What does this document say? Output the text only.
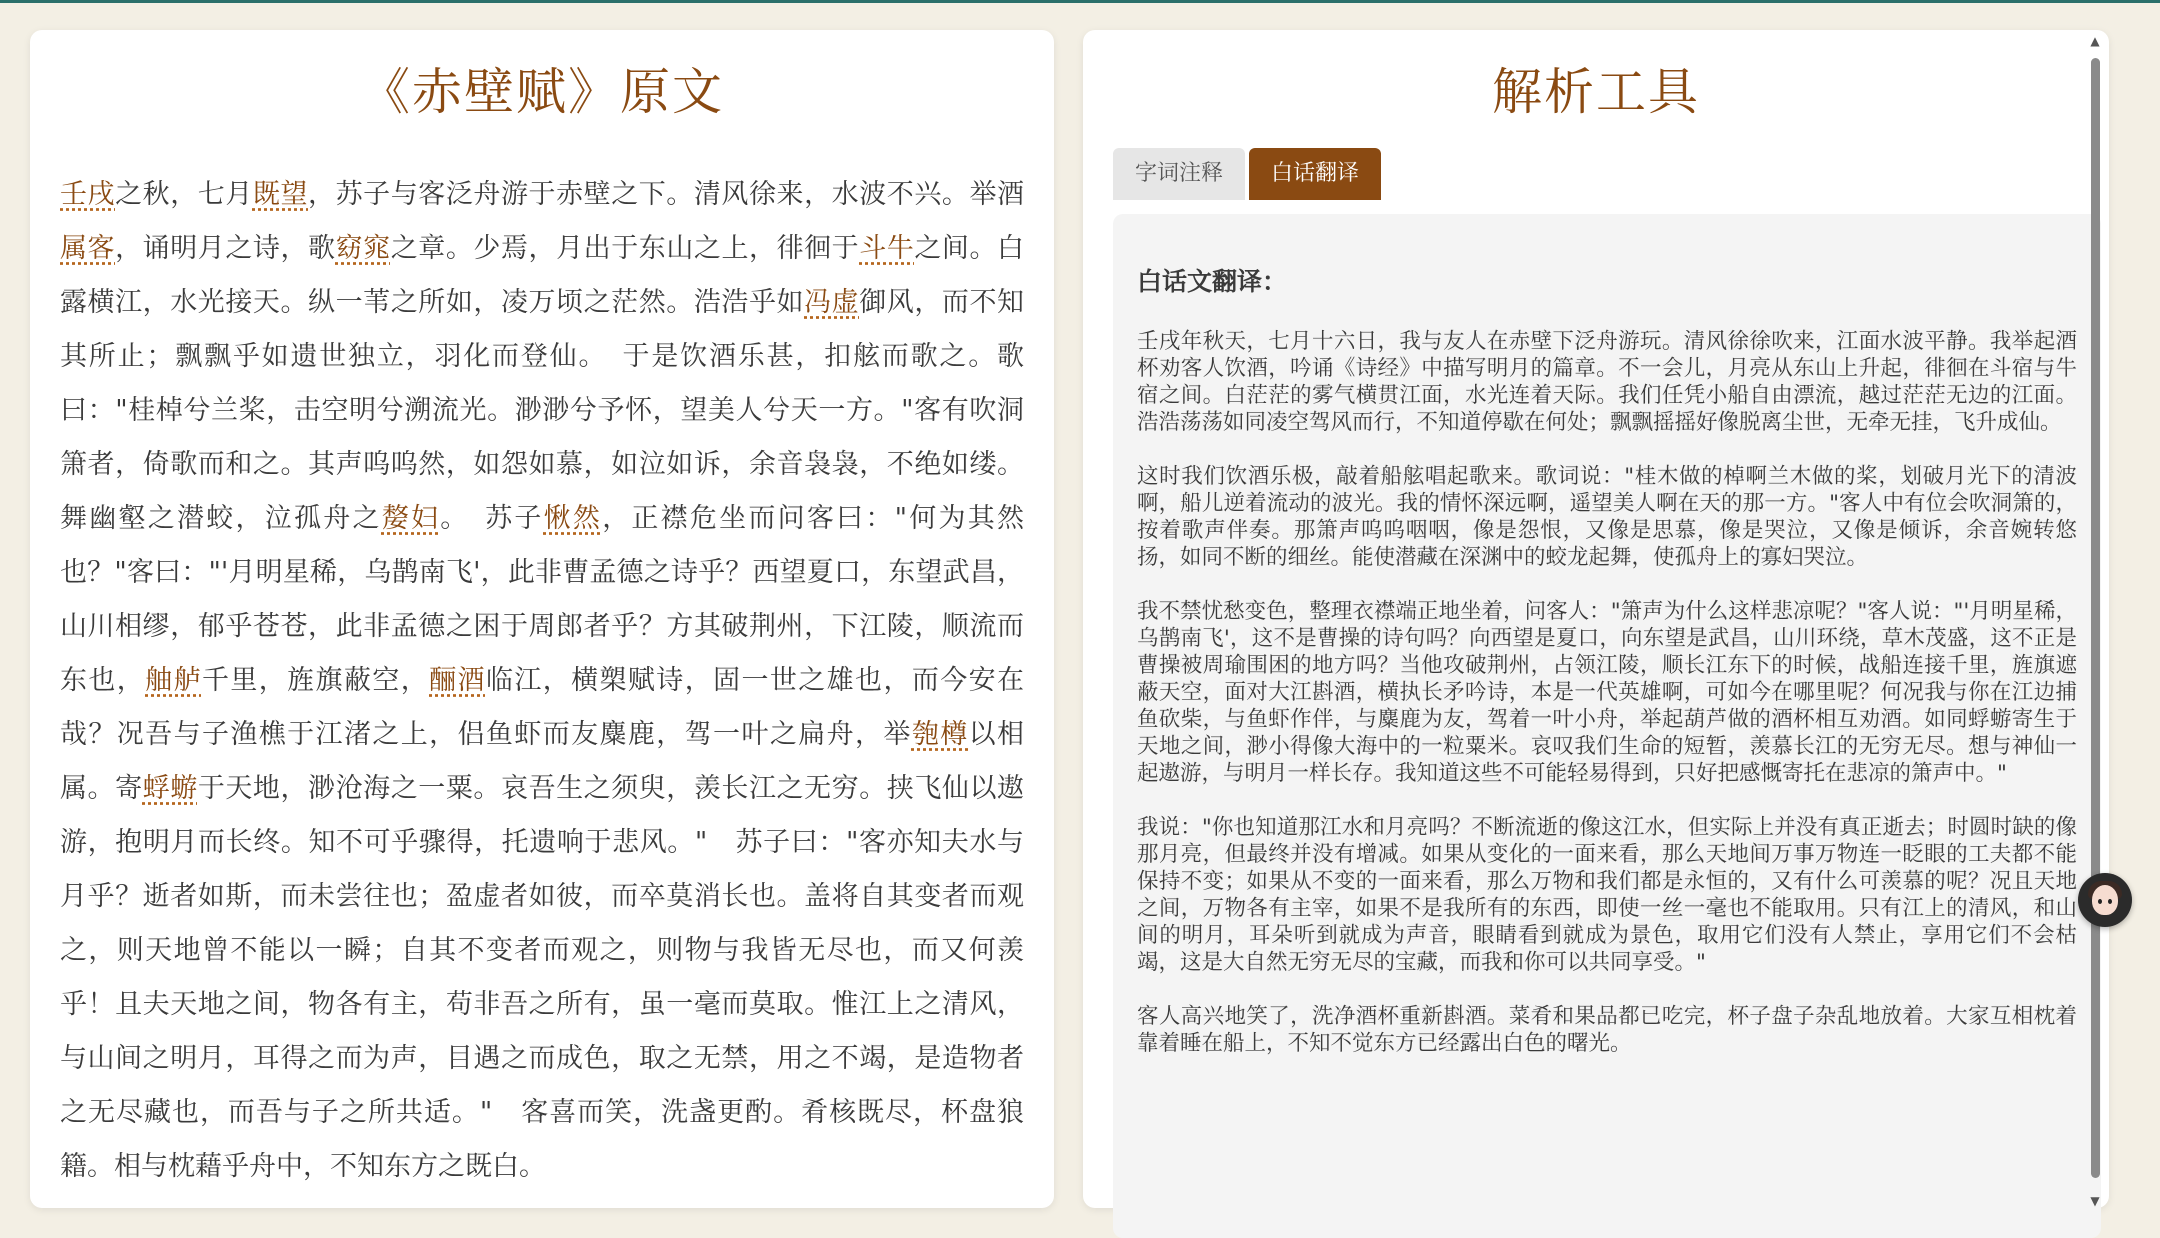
《赤壁赋》原文
壬戌之秋，七月既望，苏子与客泛舟游于赤壁之下。清风徐来，水波不兴。举酒属客，诵明月之诗，歌窈窕之章。少焉，月出于东山之上，徘徊于斗牛之间。白露横江，水光接天。纵一苇之所如，凌万顷之茫然。浩浩乎如冯虚御风，而不知其所止；飘飘乎如遗世独立，羽化而登仙。　于是饮酒乐甚，扣舷而歌之。歌曰："桂棹兮兰桨，击空明兮溯流光。渺渺兮予怀，望美人兮天一方。"客有吹洞箫者，倚歌而和之。其声呜呜然，如怨如慕，如泣如诉，余音袅袅，不绝如缕。舞幽壑之潜蛟，泣孤舟之嫠妇。　苏子愀然，正襟危坐而问客曰："何为其然也？"客曰："'月明星稀，乌鹊南飞'，此非曹孟德之诗乎？西望夏口，东望武昌，山川相缪，郁乎苍苍，此非孟德之困于周郎者乎？方其破荆州，下江陵，顺流而东也，舳舻千里，旌旗蔽空，酾酒临江，横槊赋诗，固一世之雄也，而今安在哉？况吾与子渔樵于江渚之上，侣鱼虾而友麋鹿，驾一叶之扁舟，举匏樽以相属。寄蜉蝣于天地，渺沧海之一粟。哀吾生之须臾，羡长江之无穷。挟飞仙以遨游，抱明月而长终。知不可乎骤得，托遗响于悲风。"　苏子曰："客亦知夫水与月乎？逝者如斯，而未尝往也；盈虚者如彼，而卒莫消长也。盖将自其变者而观之，则天地曾不能以一瞬；自其不变者而观之，则物与我皆无尽也，而又何羡乎！且夫天地之间，物各有主，苟非吾之所有，虽一毫而莫取。惟江上之清风，与山间之明月，耳得之而为声，目遇之而成色，取之无禁，用之不竭，是造物者之无尽藏也，而吾与子之所共适。"　客喜而笑，洗盏更酌。肴核既尽，杯盘狼籍。相与枕藉乎舟中，不知东方之既白。
解析工具
字词注释 白话翻译
白话文翻译：

壬戌年秋天，七月十六日，我与友人在赤壁下泛舟游玩。清风徐徐吹来，江面水波平静。我举起酒杯劝客人饮酒，吟诵《诗经》中描写明月的篇章。不一会儿，月亮从东山上升起，徘徊在斗宿与牛宿之间。白茫茫的雾气横贯江面，水光连着天际。我们任凭小船自由漂流，越过茫茫无边的江面。浩浩荡荡如同凌空驾风而行，不知道停歇在何处；飘飘摇摇好像脱离尘世，无牵无挂，飞升成仙。

这时我们饮酒乐极，敲着船舷唱起歌来。歌词说："桂木做的棹啊兰木做的桨，划破月光下的清波啊，船儿逆着流动的波光。我的情怀深远啊，遥望美人啊在天的那一方。"客人中有位会吹洞箫的，按着歌声伴奏。那箫声呜呜咽咽，像是怨恨，又像是思慕，像是哭泣，又像是倾诉，余音婉转悠扬，如同不断的细丝。能使潜藏在深渊中的蛟龙起舞，使孤舟上的寡妇哭泣。

我不禁忧愁变色，整理衣襟端正地坐着，问客人："箫声为什么这样悲凉呢？"客人说："'月明星稀，乌鹊南飞'，这不是曹操的诗句吗？向西望是夏口，向东望是武昌，山川环绕，草木茂盛，这不正是曹操被周瑜围困的地方吗？当他攻破荆州，占领江陵，顺长江东下的时候，战船连接千里，旌旗遮蔽天空，面对大江斟酒，横执长矛吟诗，本是一代英雄啊，可如今在哪里呢？何况我与你在江边捕鱼砍柴，与鱼虾作伴，与麋鹿为友，驾着一叶小舟，举起葫芦做的酒杯相互劝酒。如同蜉蝣寄生于天地之间，渺小得像大海中的一粒粟米。哀叹我们生命的短暂，羡慕长江的无穷无尽。想与神仙一起遨游，与明月一样长存。我知道这些不可能轻易得到，只好把感慨寄托在悲凉的箫声中。"

我说："你也知道那江水和月亮吗？不断流逝的像这江水，但实际上并没有真正逝去；时圆时缺的像那月亮，但最终并没有增减。如果从变化的一面来看，那么天地间万事万物连一眨眼的工夫都不能保持不变；如果从不变的一面来看，那么万物和我们都是永恒的，又有什么可羡慕的呢？况且天地之间，万物各有主宰，如果不是我所有的东西，即使一丝一毫也不能取用。只有江上的清风，和山间的明月，耳朵听到就成为声音，眼睛看到就成为景色，取用它们没有人禁止，享用它们不会枯竭，这是大自然无穷无尽的宝藏，而我和你可以共同享受。"

客人高兴地笑了，洗净酒杯重新斟酒。菜肴和果品都已吃完，杯子盘子杂乱地放着。大家互相枕着靠着睡在船上，不知不觉东方已经露出白色的曙光。

▲
▼
